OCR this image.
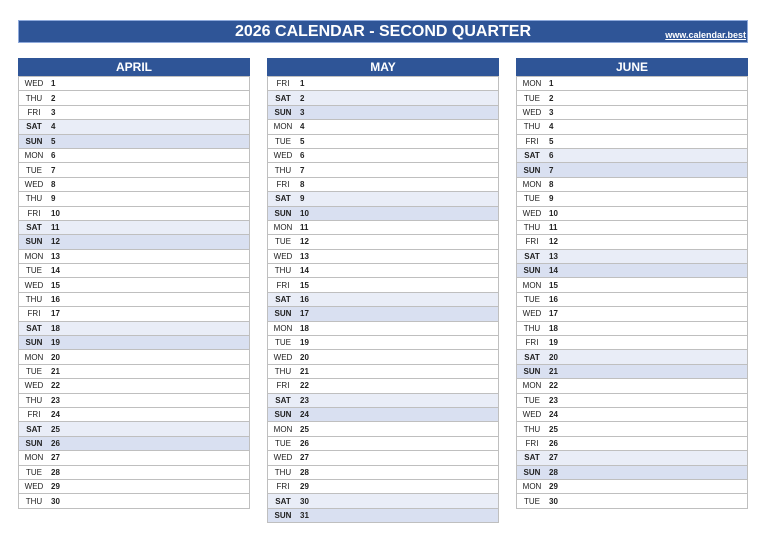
2026 CALENDAR - SECOND QUARTER	www.calendar.best
APRIL
WED 1
THU	2
FRI	3
SAT	4
SUN	5
MON 6
TUE	7
WED 8
THU	9
FRI	10
SAT	11
SUN	12
MON 13
TUE	14
WED 15
THU	16
FRI	17
SAT	18
SUN	19
MON 20
TUE	21
WED 22
THU	23
FRI	24
SAT	25
SUN	26
MON 27
TUE	28
WED 29
THU	30
MAY
FRI	1
SAT	2
SUN	3
MON 4
TUE	5
WED 6
THU	7
FRI	8
SAT	9
SUN	10
MON 11
TUE	12
WED 13
THU	14
FRI	15
SAT	16
SUN	17
MON 18
TUE	19
WED 20
THU	21
FRI	22
SAT	23
SUN	24
MON 25
TUE	26
WED 27
THU	28
FRI	29
SAT	30
SUN	31
JUNE
MON 1
TUE	2
WED 3
THU	4
FRI	5
SAT	6
SUN	7
MON 8
TUE	9
WED 10
THU	11
FRI	12
SAT	13
SUN	14
MON 15
TUE	16
WED 17
THU	18
FRI	19
SAT	20
SUN	21
MON 22
TUE	23
WED 24
THU	25
FRI	26
SAT	27
SUN	28
MON 29
TUE	30
